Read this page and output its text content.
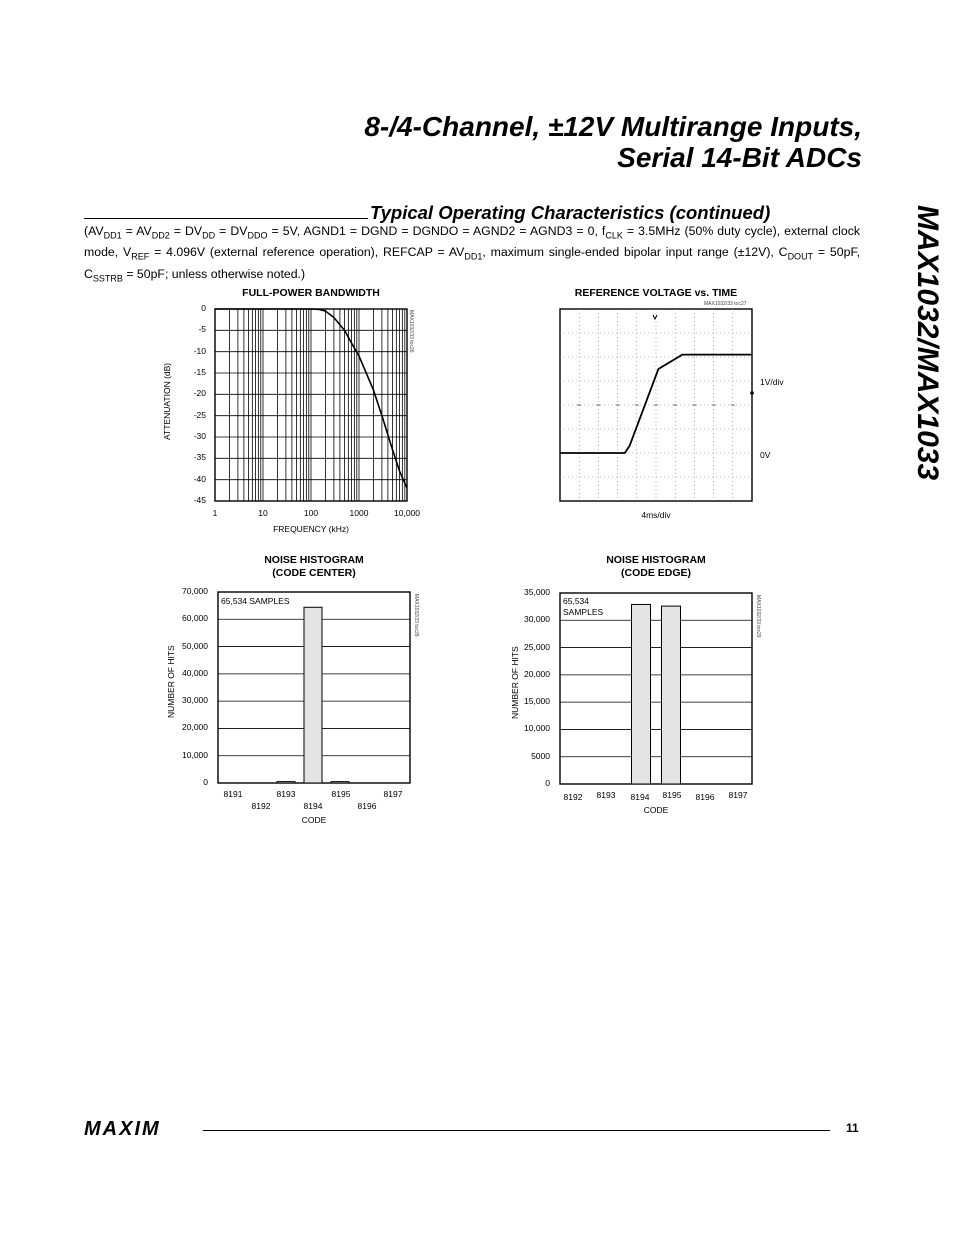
8-/4-Channel, ±12V Multirange Inputs,
Serial 14-Bit ADCs
MAX1032/MAX1033
Typical Operating Characteristics (continued)
($AV_{DD1} = AV_{DD2} = DV_{DD} = DV_{DDO} = 5V$, AGND1 = DGND = DGNDO = AGND2 = AGND3 = 0, $f_{CLK} = 3.5MHz$ (50% duty cycle), external clock mode, $V_{REF} = 4.096V$ (external reference operation), REFCAP = $AV_{DD1}$, maximum single-ended bipolar input range (±12V), $C_{DOUT} = 50pF$, $C_{SSTRB} = 50pF$; unless otherwise noted.)
FULL-POWER BANDWIDTH
0
-5
-10
-15
-20
-25
-30
-35
-40
-45
1	10	100	1000	10,000
ATTENUATION (dB)
FREQUENCY (kHz)
MAX1032/33 toc26
REFERENCE VOLTAGE vs. TIME
MAX1032/33 toc27
1V/div
0V
4ms/div
NOISE HISTOGRAM
(CODE CENTER)
70,000
60,000
50,000
40,000
30,000
20,000
10,000
0
8191	8193	8195	8197
8192	8194	8196
65,534 SAMPLES
NUMBER OF HITS
CODE
MAX1032/33 toc28
NOISE HISTOGRAM
(CODE EDGE)
35,000
30,000
25,000
20,000
15,000
10,000
5000
0
8193	8195	8197
8192	8194	8196
65,534
SAMPLES
NUMBER OF HITS
CODE
MAX1032/33 toc29
MAXIM	11
